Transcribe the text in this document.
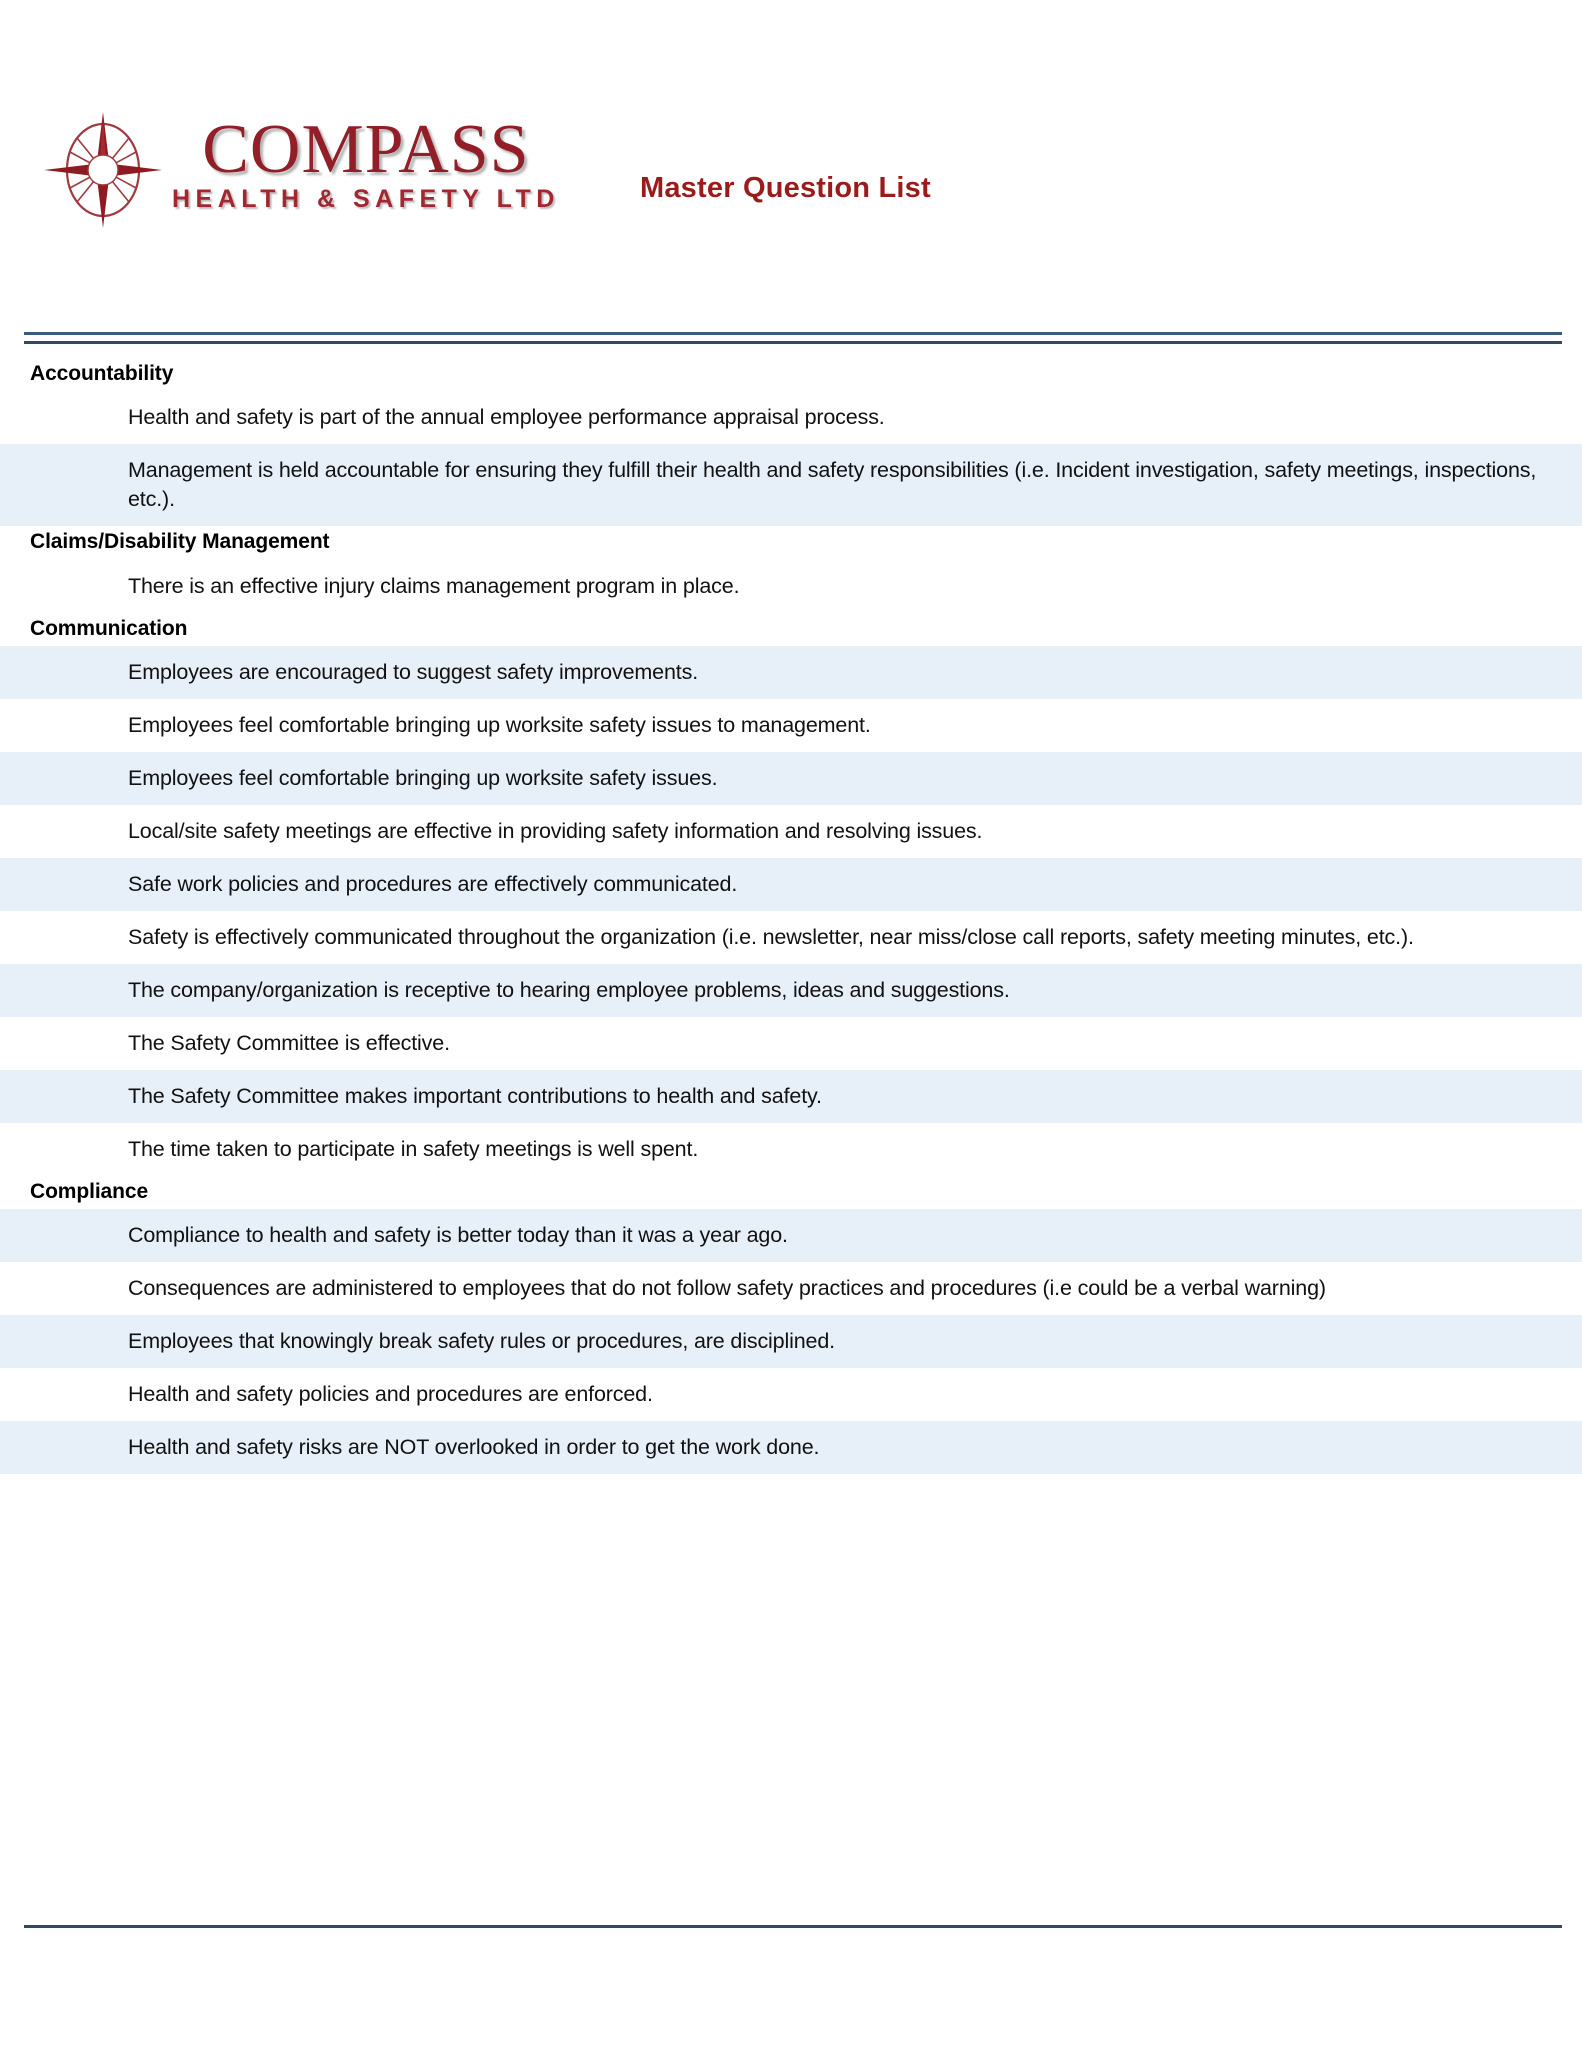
COMPASS
HEALTH & SAFETY LTD	Master Question List
Accountability
Health and safety is part of the annual employee performance appraisal process.
Management is held accountable for ensuring they fulfill their health and safety responsibilities (i.e. Incident investigation, safety meetings, inspections, etc.).
Claims/Disability Management
There is an effective injury claims management program in place.
Communication
Employees are encouraged to suggest safety improvements.
Employees feel comfortable bringing up worksite safety issues to management.
Employees feel comfortable bringing up worksite safety issues.
Local/site safety meetings are effective in providing safety information and resolving issues.
Safe work policies and procedures are effectively communicated.
Safety is effectively communicated throughout the organization (i.e. newsletter, near miss/close call reports, safety meeting minutes, etc.).
The company/organization is receptive to hearing employee problems, ideas and suggestions.
The Safety Committee is effective.
The Safety Committee makes important contributions to health and safety.
The time taken to participate in safety meetings is well spent.
Compliance
Compliance to health and safety is better today than it was a year ago.
Consequences are administered to employees that do not follow safety practices and procedures (i.e could be a verbal warning)
Employees that knowingly break safety rules or procedures, are disciplined.
Health and safety policies and procedures are enforced.
Health and safety risks are NOT overlooked in order to get the work done.
